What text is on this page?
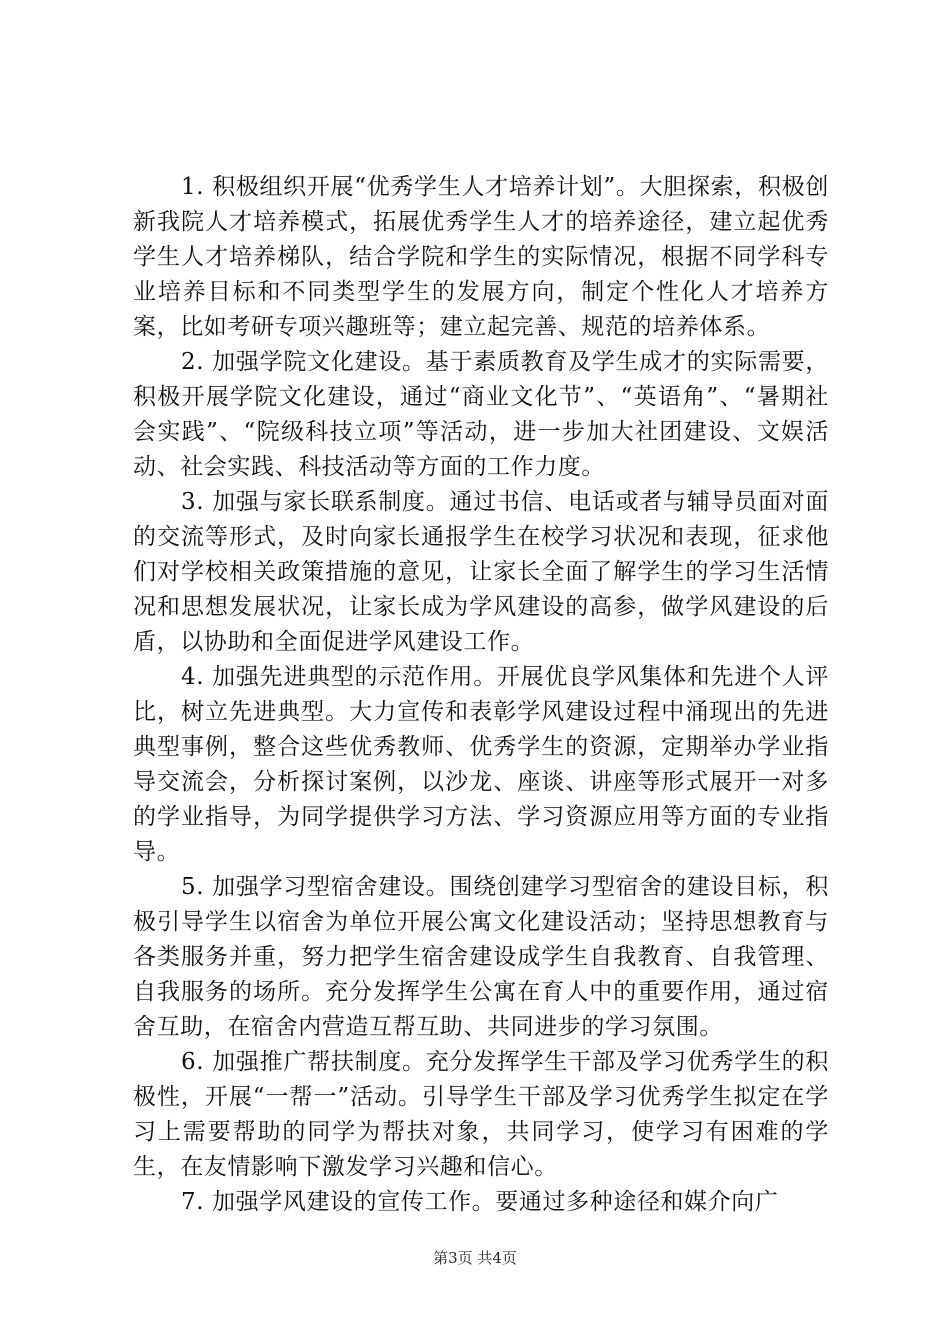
1. 积极组织开展“优秀学生人才培养计划”。大胆探索，积极创新我院人才培养模式，拓展优秀学生人才的培养途径，建立起优秀学生人才培养梯队，结合学院和学生的实际情况，根据不同学科专业培养目标和不同类型学生的发展方向，制定个性化人才培养方案，比如考研专项兴趣班等；建立起完善、规范的培养体系。

2. 加强学院文化建设。基于素质教育及学生成才的实际需要，积极开展学院文化建设，通过“商业文化节”、“英语角”、“暑期社会实践”、“院级科技立项”等活动，进一步加大社团建设、文娱活动、社会实践、科技活动等方面的工作力度。

3. 加强与家长联系制度。通过书信、电话或者与辅导员面对面的交流等形式，及时向家长通报学生在校学习状况和表现，征求他们对学校相关政策措施的意见，让家长全面了解学生的学习生活情况和思想发展状况，让家长成为学风建设的高参，做学风建设的后盾，以协助和全面促进学风建设工作。

4. 加强先进典型的示范作用。开展优良学风集体和先进个人评比，树立先进典型。大力宣传和表彰学风建设过程中涌现出的先进典型事例，整合这些优秀教师、优秀学生的资源，定期举办学业指导交流会，分析探讨案例，以沙龙、座谈、讲座等形式展开一对多的学业指导，为同学提供学习方法、学习资源应用等方面的专业指导。

5. 加强学习型宿舍建设。围绕创建学习型宿舍的建设目标，积极引导学生以宿舍为单位开展公寓文化建设活动；坚持思想教育与各类服务并重，努力把学生宿舍建设成学生自我教育、自我管理、自我服务的场所。充分发挥学生公寓在育人中的重要作用，通过宿舍互助，在宿舍内营造互帮互助、共同进步的学习氛围。

6. 加强推广帮扶制度。充分发挥学生干部及学习优秀学生的积极性，开展“一帮一”活动。引导学生干部及学习优秀学生拟定在学习上需要帮助的同学为帮扶对象，共同学习，使学习有困难的学生，在友情影响下激发学习兴趣和信心。

7. 加强学风建设的宣传工作。要通过多种途径和媒介向广

第3页 共4页
